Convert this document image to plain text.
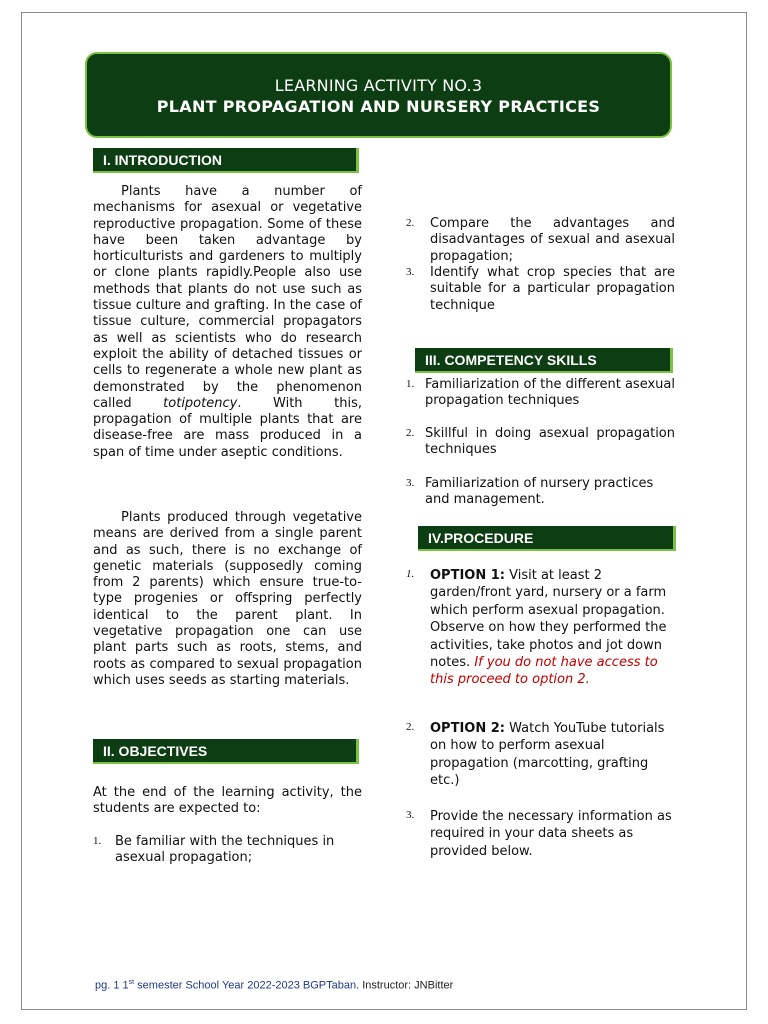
LEARNING ACTIVITY NO.3
PLANT PROPAGATION AND NURSERY PRACTICES
I. INTRODUCTION

Plants have a number of mechanisms for asexual or vegetative reproductive propagation. Some of these have been taken advantage by horticulturists and gardeners to multiply or clone plants rapidly.People also use methods that plants do not use such as tissue culture and grafting. In the case of tissue culture, commercial propagators as well as scientists who do research exploit the ability of detached tissues or cells to regenerate a whole new plant as demonstrated by the phenomenon called totipotency. With this, propagation of multiple plants that are disease-free are mass produced in a span of time under aseptic conditions.

Plants produced through vegetative means are derived from a single parent and as such, there is no exchange of genetic materials (supposedly coming from 2 parents) which ensure true-to-type progenies or offspring perfectly identical to the parent plant. In vegetative propagation one can use plant parts such as roots, stems, and roots as compared to sexual propagation which uses seeds as starting materials.

II. OBJECTIVES

At the end of the learning activity, the students are expected to:

1. Be familiar with the techniques in asexual propagation;
2. Compare the advantages and disadvantages of sexual and asexual propagation;
3. Identify what crop species that are suitable for a particular propagation technique
III. COMPETENCY SKILLS
1. Familiarization of the different asexual propagation techniques
2. Skillful in doing asexual propagation techniques
3. Familiarization of nursery practices and management.
IV.PROCEDURE
1. OPTION 1: Visit at least 2 garden/front yard, nursery or a farm which perform asexual propagation. Observe on how they performed the activities, take photos and jot down notes. If you do not have access to this proceed to option 2.
2. OPTION 2: Watch YouTube tutorials on how to perform asexual propagation (marcotting, grafting etc.)
3. Provide the necessary information as required in your data sheets as provided below.
pg. 1 1st semester School Year 2022-2023 BGPTaban. Instructor: JNBitter
